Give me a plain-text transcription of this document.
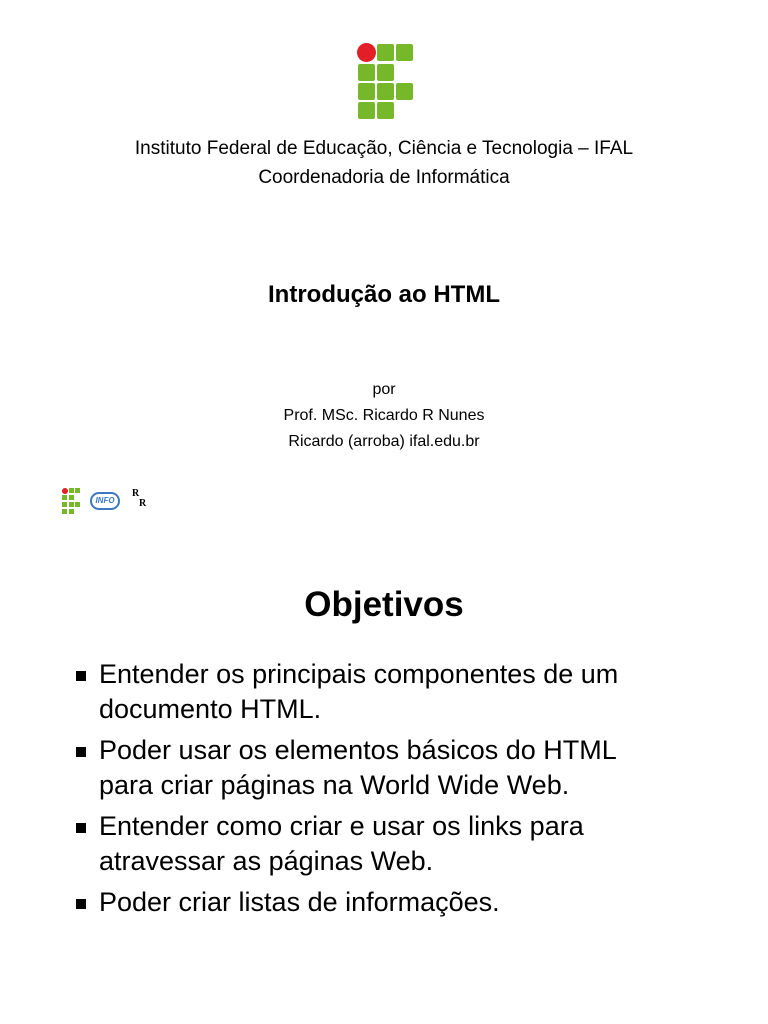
Instituto Federal de Educação, Ciência e Tecnologia – IFAL
Coordenadoria de Informática
Introdução ao HTML
por
Prof. MSc. Ricardo R Nunes
Ricardo (arroba) ifal.edu.br
INFO
R
R
Objetivos
Entender os principais componentes de um
documento HTML.
Poder usar os elementos básicos do HTML
para criar páginas na World Wide Web.
Entender como criar e usar os links para
atravessar as páginas Web.
Poder criar listas de informações.
